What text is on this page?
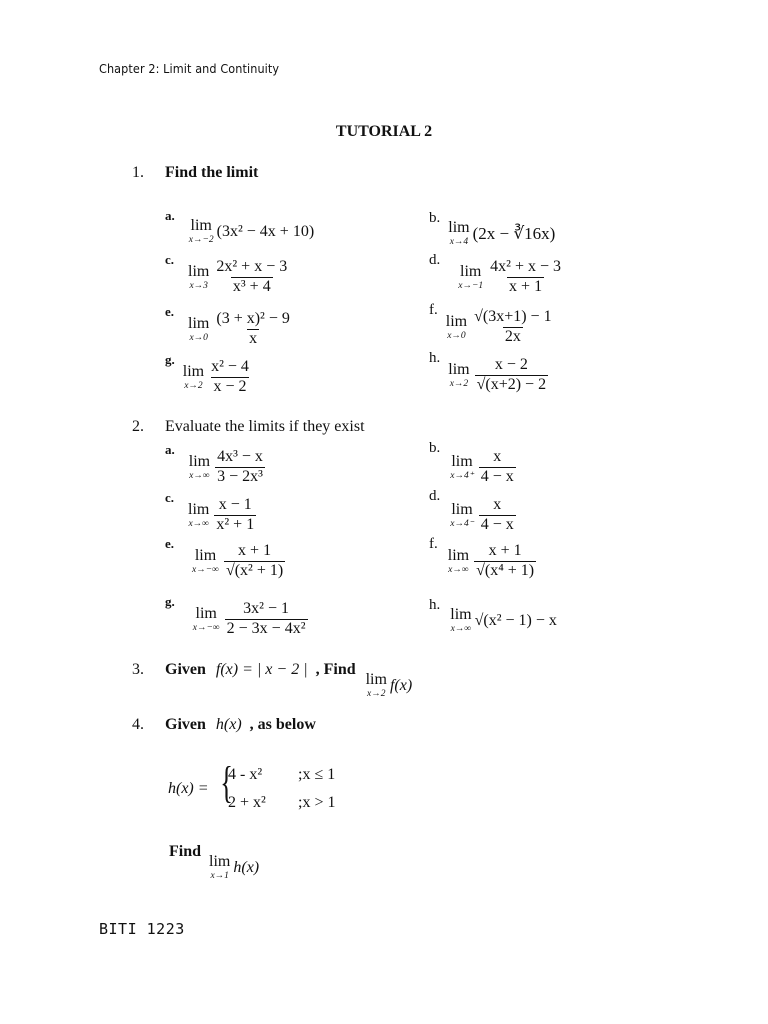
Chapter 2: Limit and Continuity
TUTORIAL 2
1. Find the limit
a.
lim
x→−2
(3x² − 4x + 10)
b.
lim
x→4 (2x − ∛16x)
$^{c.}$
lim
$x\to 3 \frac{\text{2x² + x − 3}}{\text{x³ + 4}}$	d.
lim
$x\to-1 \frac{\text{4x² + x − 3}}{x + 1}$
$^{e.}$
lim
$x\to 0 \frac{\text{(3 + x)² − 9}}{x}$
f.
lim
$x\to 0 \frac{√(3x+1) - 1}{2x}$
$^{g.}$
lim
$x\to 2 \frac{\text{x² − 4}}{x - 2}$
h.
lim
$x\to 2 \frac{x - 2}{√(x+2) - 2}$
2. Evaluate the limits if they exist
$^{a.}$
lim
$x\to\infty \frac{\text{4x³ − x}}{\text{3 − 2x³}}$
b.
lim
$x\to 4^+ \frac{x}{4 - x}$
$^{c.}$
lim
$x\to\infty \frac{x - 1}{\text{x² + 1}}$
d.
lim
$x\to 4^- \frac{x}{4 - x}$
$^{e.}$
lim
$x\to-\infty \frac{x + 1}{\text{√(x² + 1)}}$	f.
lim
$x\to\infty \frac{x + 1}{\text{√(x⁴ + 1)}}$
$^{g.}$
lim
$x\to-\infty \frac{\text{3x² − 1}}{\text{2 − 3x − 4x²}}$	h.
lim
x→∞
√(x² − 1) − x
3. Given f(x) = | x − 2 | , Find
lim
x→2
f(x)
4. Given h(x) , as below
h(x) = {
4 - x² ;x ≤ 1
2 + x² ;x > 1
Find
lim
x→1
h(x)
BITI 1223
